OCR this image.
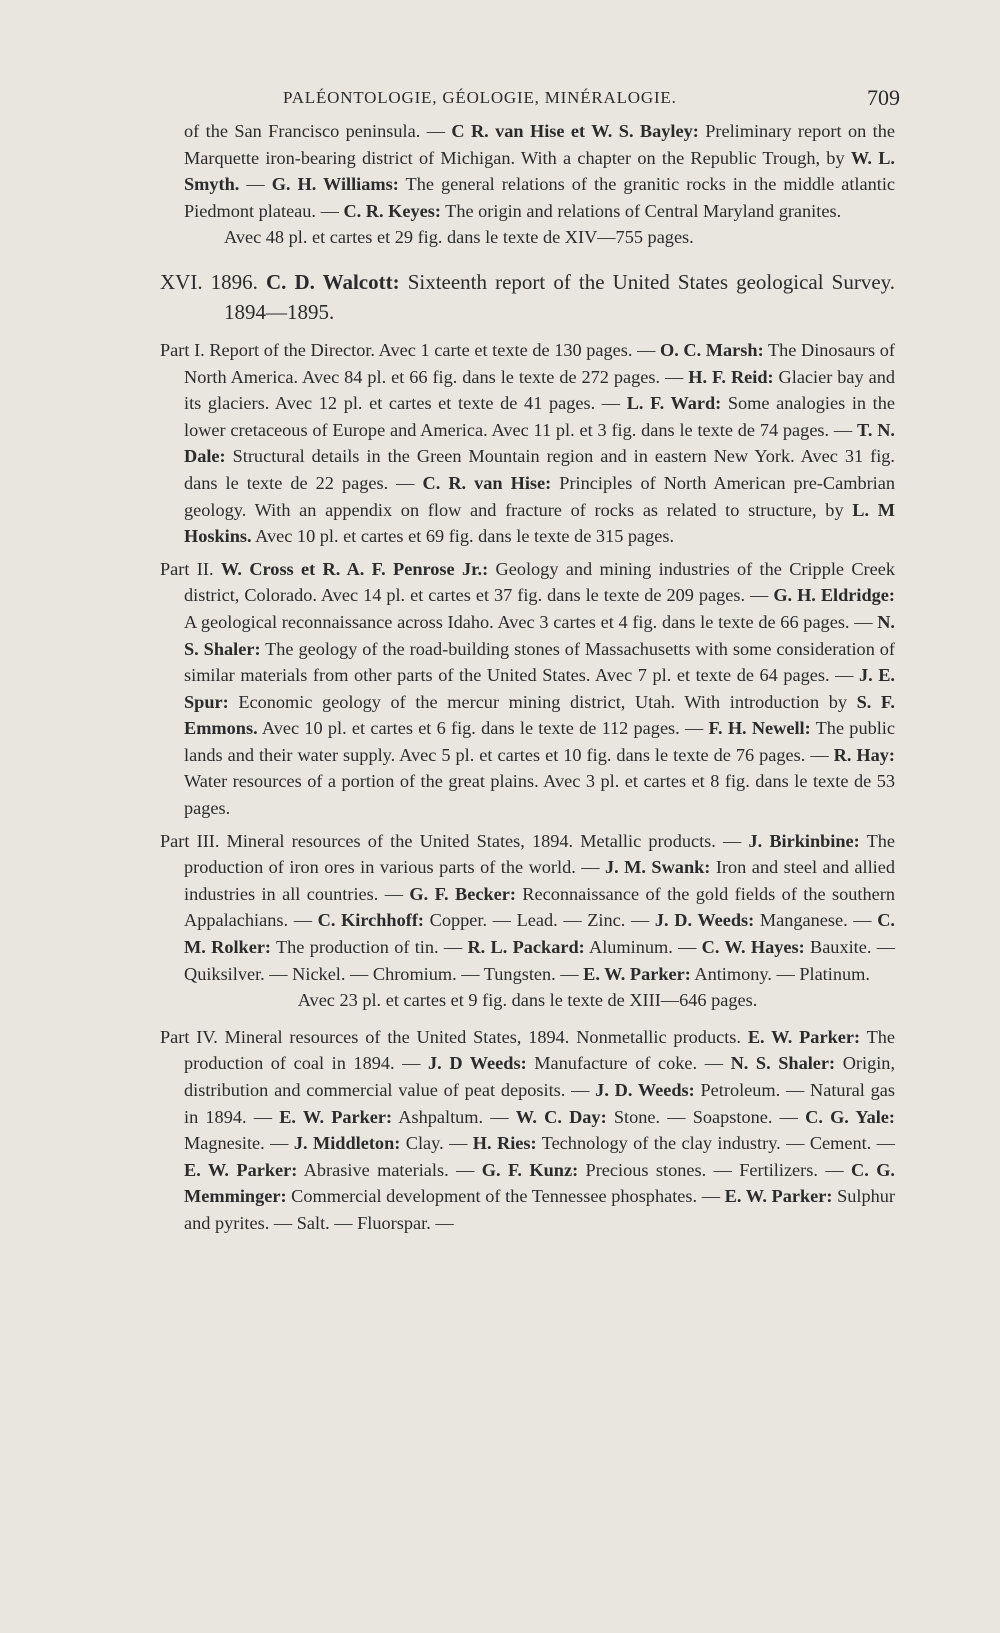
PALÉONTOLOGIE, GÉOLOGIE, MINÉRALOGIE.	709

of the San Francisco peninsula. — C R. van Hise et W. S. Bayley: Preliminary report on the Marquette iron-bearing district of Michigan. With a chapter on the Republic Trough, by W. L. Smyth. — G. H. Williams: The general relations of the granitic rocks in the middle atlantic Piedmont plateau. — C. R. Keyes: The origin and relations of Central Maryland granites.

Avec 48 pl. et cartes et 29 fig. dans le texte de XIV—755 pages.

XVI. 1896. C. D. Walcott: Sixteenth report of the United States geological Survey. 1894—1895.

Part I. Report of the Director. Avec 1 carte et texte de 130 pages. — O. C. Marsh: The Dinosaurs of North America. Avec 84 pl. et 66 fig. dans le texte de 272 pages. — H. F. Reid: Glacier bay and its glaciers. Avec 12 pl. et cartes et texte de 41 pages. — L. F. Ward: Some analogies in the lower cretaceous of Europe and America. Avec 11 pl. et 3 fig. dans le texte de 74 pages. — T. N. Dale: Structural details in the Green Mountain region and in eastern New York. Avec 31 fig. dans le texte de 22 pages. — C. R. van Hise: Principles of North American pre-Cambrian geology. With an appendix on flow and fracture of rocks as related to structure, by L. M Hoskins. Avec 10 pl. et cartes et 69 fig. dans le texte de 315 pages.

Part II. W. Cross et R. A. F. Penrose Jr.: Geology and mining industries of the Cripple Creek district, Colorado. Avec 14 pl. et cartes et 37 fig. dans le texte de 209 pages. — G. H. Eldridge: A geological reconnaissance across Idaho. Avec 3 cartes et 4 fig. dans le texte de 66 pages. — N. S. Shaler: The geology of the road-building stones of Massachusetts with some consideration of similar materials from other parts of the United States. Avec 7 pl. et texte de 64 pages. — J. E. Spur: Economic geology of the mercur mining district, Utah. With introduction by S. F. Emmons. Avec 10 pl. et cartes et 6 fig. dans le texte de 112 pages. — F. H. Newell: The public lands and their water supply. Avec 5 pl. et cartes et 10 fig. dans le texte de 76 pages. — R. Hay: Water resources of a portion of the great plains. Avec 3 pl. et cartes et 8 fig. dans le texte de 53 pages.

Part III. Mineral resources of the United States, 1894. Metallic products. — J. Birkinbine: The production of iron ores in various parts of the world. — J. M. Swank: Iron and steel and allied industries in all countries. — G. F. Becker: Reconnaissance of the gold fields of the southern Appalachians. — C. Kirchhoff: Copper. — Lead. — Zinc. — J. D. Weeds: Manganese. — C. M. Rolker: The production of tin. — R. L. Packard: Aluminum. — C. W. Hayes: Bauxite. — Quiksilver. — Nickel. — Chromium. — Tungsten. — E. W. Parker: Antimony. — Platinum.

Avec 23 pl. et cartes et 9 fig. dans le texte de XIII—646 pages.

Part IV. Mineral resources of the United States, 1894. Nonmetallic products. E. W. Parker: The production of coal in 1894. — J. D Weeds: Manufacture of coke. — N. S. Shaler: Origin, distribution and commercial value of peat deposits. — J. D. Weeds: Petroleum. — Natural gas in 1894. — E. W. Parker: Ashpaltum. — W. C. Day: Stone. — Soapstone. — C. G. Yale: Magnesite. — J. Middleton: Clay. — H. Ries: Technology of the clay industry. — Cement. — E. W. Parker: Abrasive materials. — G. F. Kunz: Precious stones. — Fertilizers. — C. G. Memminger: Commercial development of the Tennessee phosphates. — E. W. Parker: Sulphur and pyrites. — Salt. — Fluorspar. —
